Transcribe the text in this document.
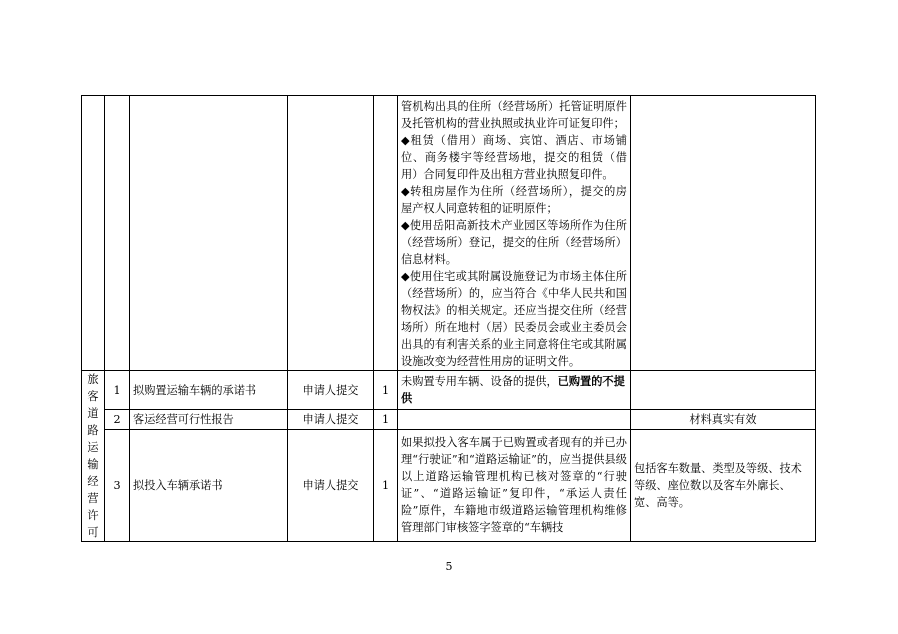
					管机构出具的住所（经营场所）托管证明原件及托管机构的营业执照或执业许可证复印件；
◆租赁（借用）商场、宾馆、酒店、市场铺位、商务楼宇等经营场地，提交的租赁（借用）合同复印件及出租方营业执照复印件。
◆转租房屋作为住所（经营场所），提交的房屋产权人同意转租的证明原件；
◆使用岳阳高新技术产业园区等场所作为住所（经营场所）登记，提交的住所（经营场所）信息材料。
◆使用住宅或其附属设施登记为市场主体住所（经营场所）的，应当符合《中华人民共和国物权法》的相关规定。还应当提交住所（经营场所）所在地村（居）民委员会或业主委员会出具的有利害关系的业主同意将住宅或其附属设施改变为经营性用房的证明文件。	

旅客道路运输经营许可	1	拟购置运输车辆的承诺书	申请人提交	1	未购置专用车辆、设备的提供，已购置的不提供	
	2	客运经营可行性报告	申请人提交	1		材料真实有效
	3	拟投入车辆承诺书	申请人提交	1	如果拟投入客车属于已购置或者现有的并已办理“行驶证”和“道路运输证”的，应当提供县级以上道路运输管理机构已核对签章的“行驶证”、“道路运输证”复印件，“承运人责任险”原件，车籍地市级道路运输管理机构维修管理部门审核签字签章的“车辆技	包括客车数量、类型及等级、技术等级、座位数以及客车外廓长、宽、高等。
5
